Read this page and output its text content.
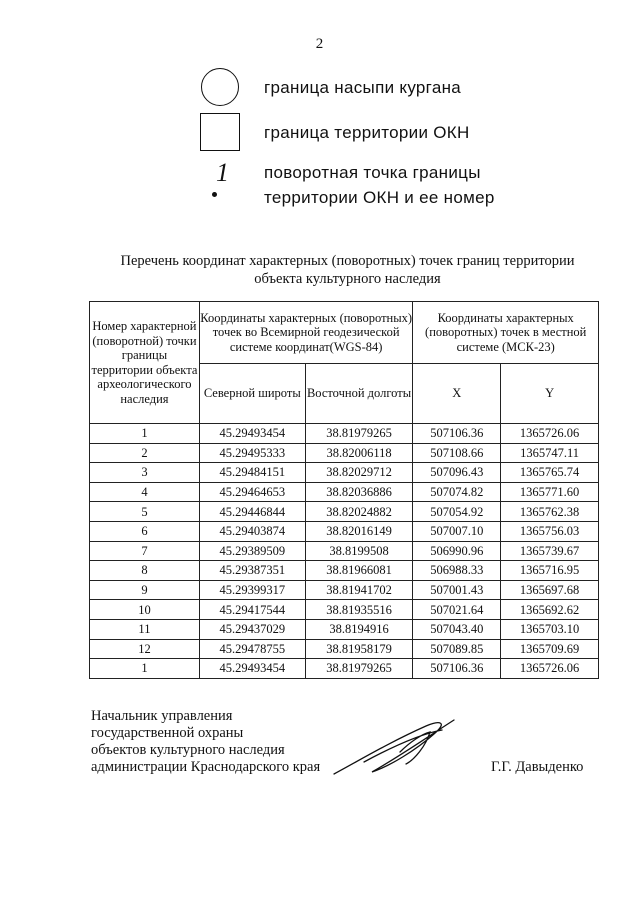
2
граница насыпи кургана
граница территории ОКН
1 поворотная точка границы
территории ОКН и ее номер
Перечень координат характерных (поворотных) точек границ территории
объекта культурного наследия
Номер характерной (поворотной) точки границы территории объекта археологического наследия	Координаты характерных (поворотных) точек во Всемирной геодезической системе координат(WGS-84)		Координаты характерных (поворотных) точек в местной системе (МСК-23)	
	Северной широты	Восточной долготы	X	Y
1	45.29493454	38.81979265	507106.36	1365726.06
2	45.29495333	38.82006118	507108.66	1365747.11
3	45.29484151	38.82029712	507096.43	1365765.74
4	45.29464653	38.82036886	507074.82	1365771.60
5	45.29446844	38.82024882	507054.92	1365762.38
6	45.29403874	38.82016149	507007.10	1365756.03
7	45.29389509	38.8199508	506990.96	1365739.67
8	45.29387351	38.81966081	506988.33	1365716.95
9	45.29399317	38.81941702	507001.43	1365697.68
10	45.29417544	38.81935516	507021.64	1365692.62
11	45.29437029	38.8194916	507043.40	1365703.10
12	45.29478755	38.81958179	507089.85	1365709.69
1	45.29493454	38.81979265	507106.36	1365726.06
Начальник управления
государственной охраны
объектов культурного наследия
администрации Краснодарского края	Г.Г. Давыденко
